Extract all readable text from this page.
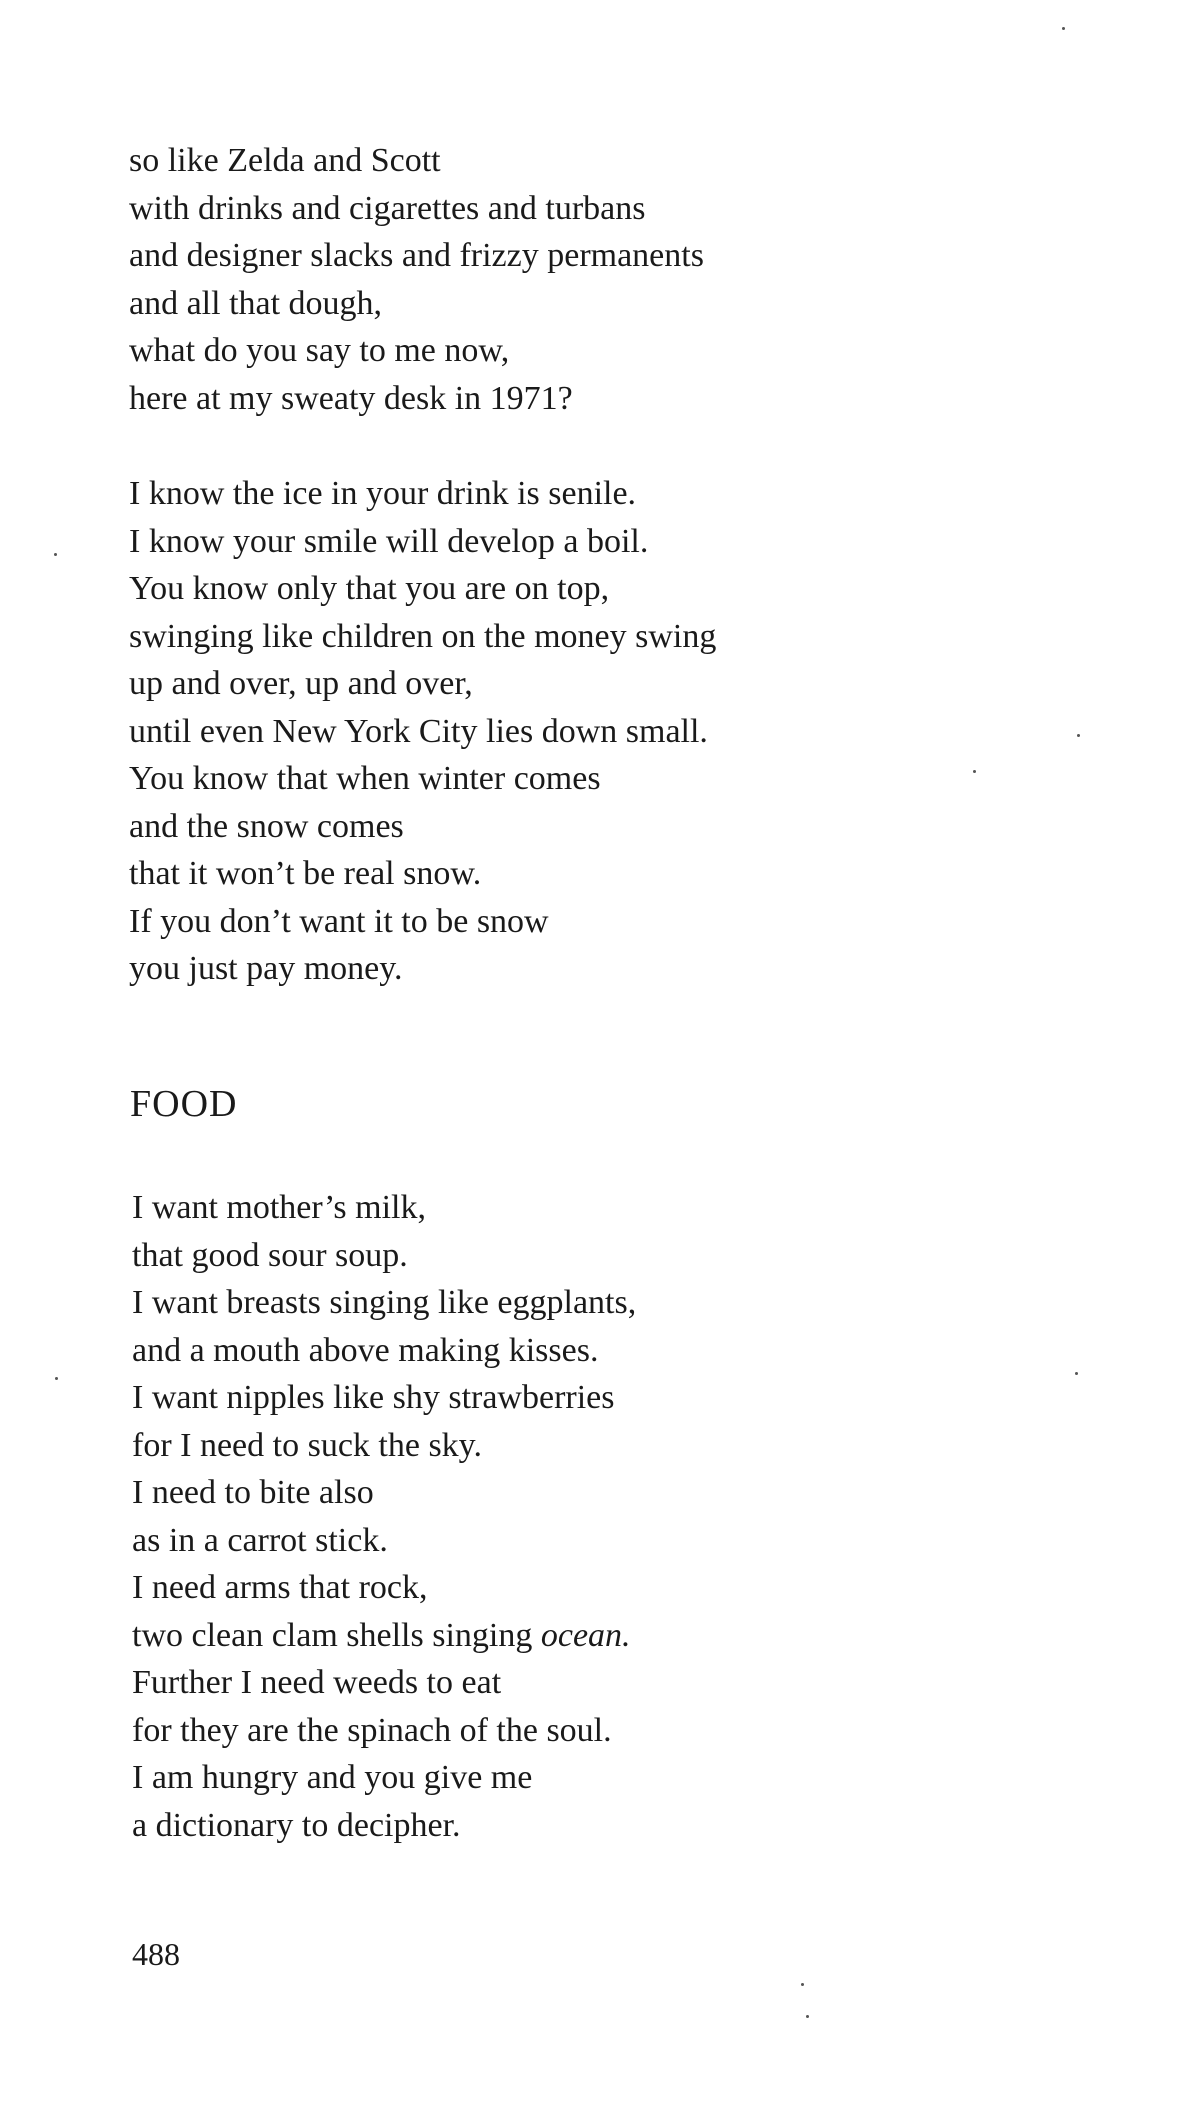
so like Zelda and Scott
with drinks and cigarettes and turbans
and designer slacks and frizzy permanents
and all that dough,
what do you say to me now,
here at my sweaty desk in 1971?
I know the ice in your drink is senile.
I know your smile will develop a boil.
You know only that you are on top,
swinging like children on the money swing
up and over, up and over,
until even New York City lies down small.
You know that when winter comes
and the snow comes
that it won’t be real snow.
If you don’t want it to be snow
you just pay money.
FOOD
I want mother’s milk,
that good sour soup.
I want breasts singing like eggplants,
and a mouth above making kisses.
I want nipples like shy strawberries
for I need to suck the sky.
I need to bite also
as in a carrot stick.
I need arms that rock,
two clean clam shells singing ocean.
Further I need weeds to eat
for they are the spinach of the soul.
I am hungry and you give me
a dictionary to decipher.

488
